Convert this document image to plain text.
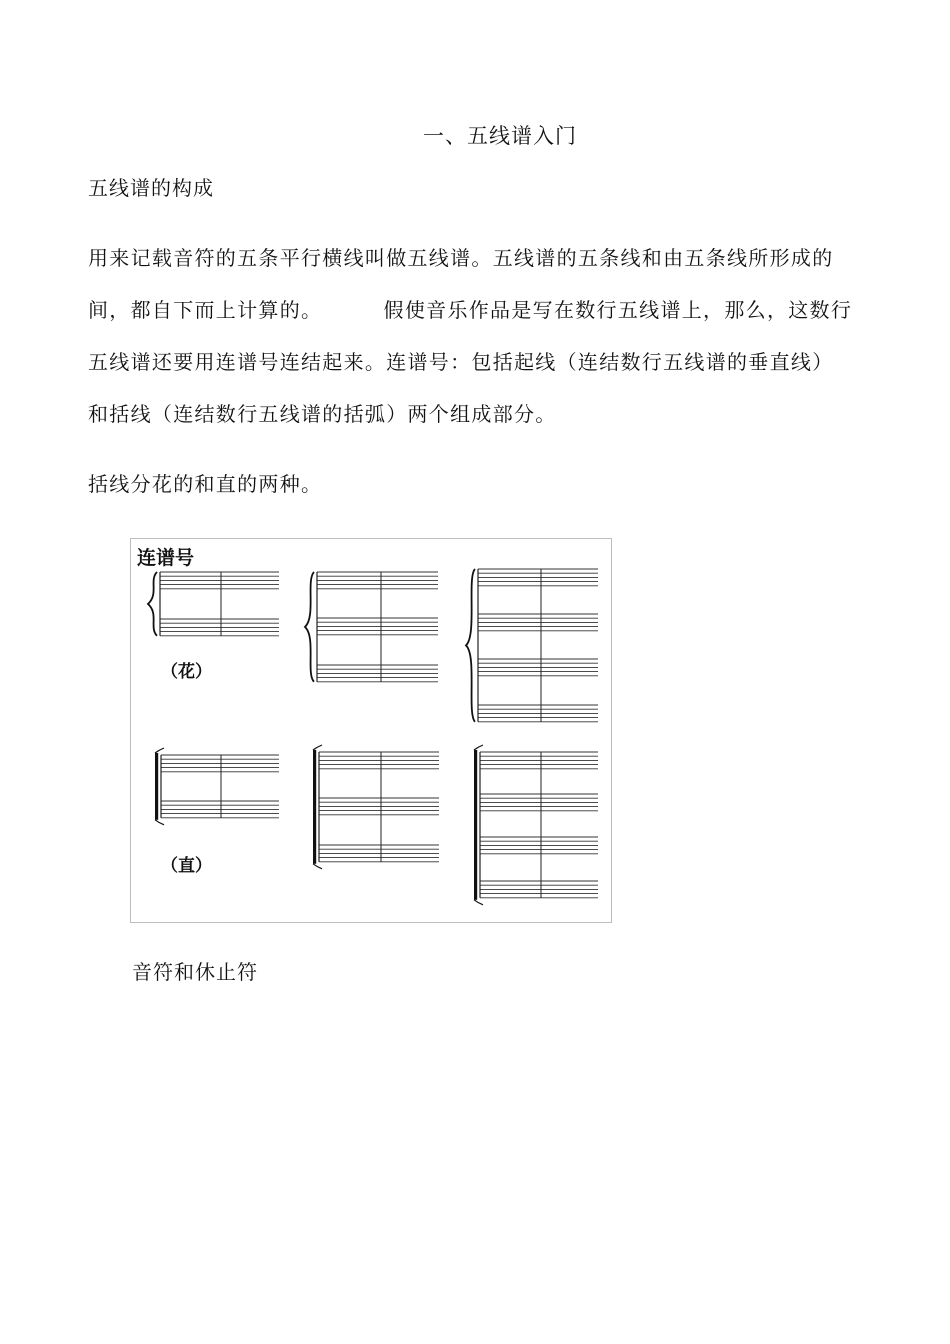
一、五线谱入门
五线谱的构成
用来记载音符的五条平行横线叫做五线谱。五线谱的五条线和由五条线所形成的
间，都自下而上计算的。        假使音乐作品是写在数行五线谱上，那么，这数行
五线谱还要用连谱号连结起来。连谱号：包括起线（连结数行五线谱的垂直线）
和括线（连结数行五线谱的括弧）两个组成部分。
括线分花的和直的两种。
连谱号
（花）
（直）
音符和休止符
